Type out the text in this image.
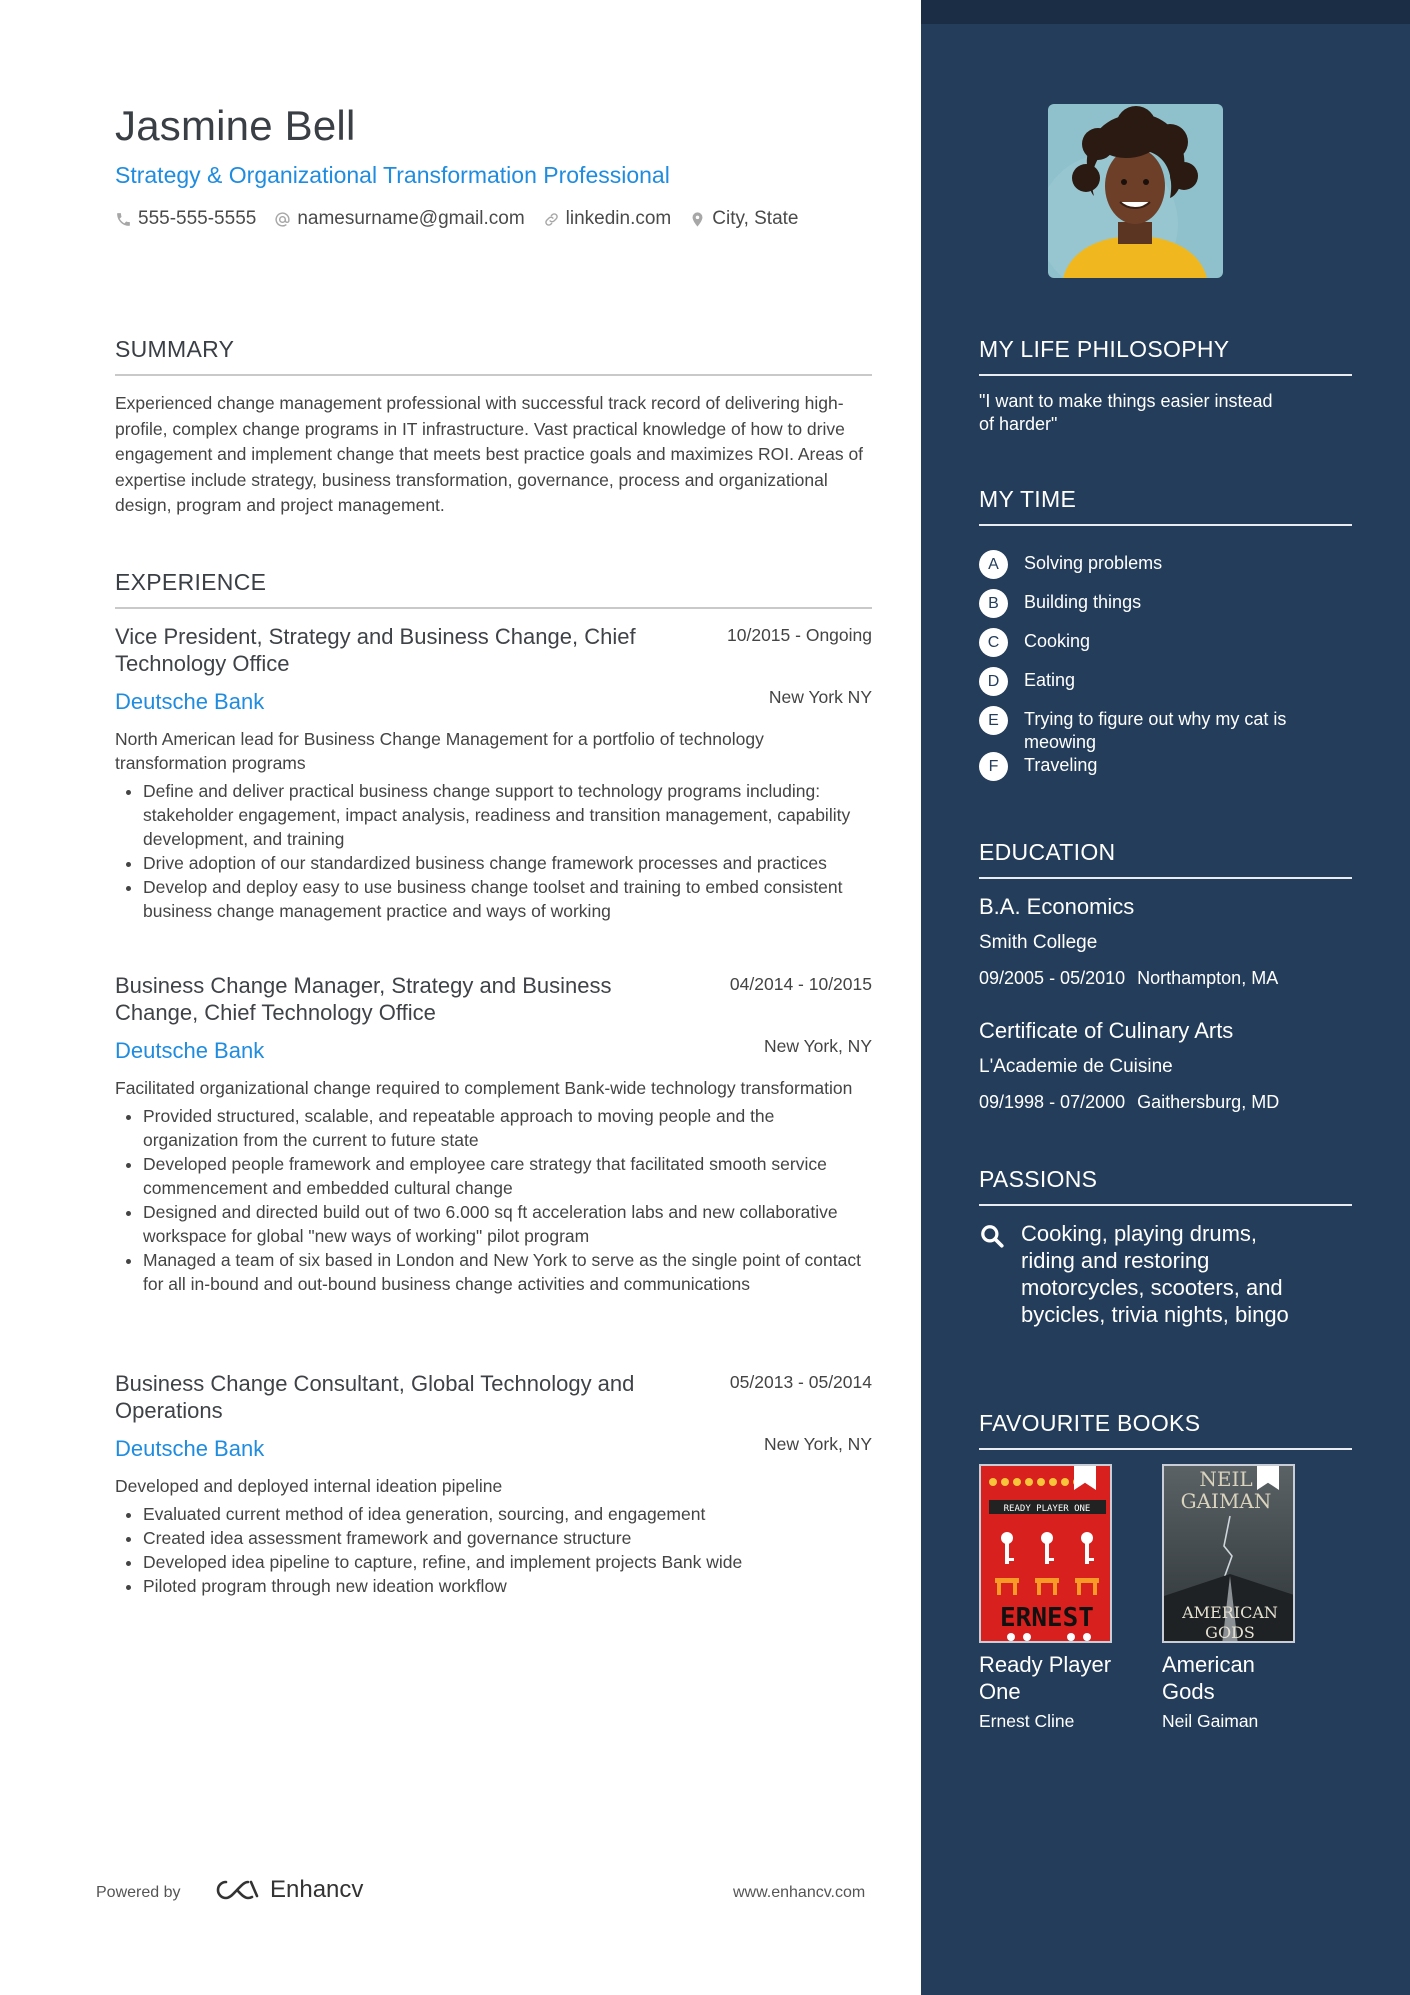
Jasmine Bell
Strategy & Organizational Transformation Professional
555-555-5555 namesurname@gmail.com linkedin.com City, State
SUMMARY

Experienced change management professional with successful track record of delivering high-profile, complex change programs in IT infrastructure. Vast practical knowledge of how to drive engagement and implement change that meets best practice goals and maximizes ROI. Areas of expertise include strategy, business transformation, governance, process and organizational design, program and project management.

EXPERIENCE
Vice President, Strategy and Business Change, Chief Technology Office
10/2015 - Ongoing
Deutsche Bank	New York NY
North American lead for Business Change Management for a portfolio of technology transformation programs
• Define and deliver practical business change support to technology programs including: stakeholder engagement, impact analysis, readiness and transition management, capability development, and training
• Drive adoption of our standardized business change framework processes and practices
• Develop and deploy easy to use business change toolset and training to embed consistent business change management practice and ways of working
Business Change Manager, Strategy and Business Change, Chief Technology Office
04/2014 - 10/2015
Deutsche Bank	New York, NY
Facilitated organizational change required to complement Bank-wide technology transformation
• Provided structured, scalable, and repeatable approach to moving people and the organization from the current to future state
• Developed people framework and employee care strategy that facilitated smooth service commencement and embedded cultural change
• Designed and directed build out of two 6.000 sq ft acceleration labs and new collaborative workspace for global "new ways of working" pilot program
• Managed a team of six based in London and New York to serve as the single point of contact for all in-bound and out-bound business change activities and communications
Business Change Consultant, Global Technology and Operations
05/2013 - 05/2014
Deutsche Bank	New York, NY
Developed and deployed internal ideation pipeline
• Evaluated current method of idea generation, sourcing, and engagement
• Created idea assessment framework and governance structure
• Developed idea pipeline to capture, refine, and implement projects Bank wide
• Piloted program through new ideation workflow
Powered by	Enhancv	www.enhancv.com
MY LIFE PHILOSOPHY

"I want to make things easier instead of harder"

MY TIME
A	Solving problems
B	Building things
C	Cooking
D	Eating
E	Trying to figure out why my cat is meowing
F	Traveling
EDUCATION
B.A. Economics
Smith College
09/2005 - 05/2010 Northampton, MA
Certificate of Culinary Arts
L'Academie de Cuisine
09/1998 - 07/2000 Gaithersburg, MD
PASSIONS
Cooking, playing drums, riding and restoring motorcycles, scooters, and bycicles, trivia nights, bingo
FAVOURITE BOOKS
READY PLAYER ONE
ERNEST
Ready Player One
Ernest Cline
NEIL
GAIMAN
AMERICAN
GODS
American Gods
Neil Gaiman
